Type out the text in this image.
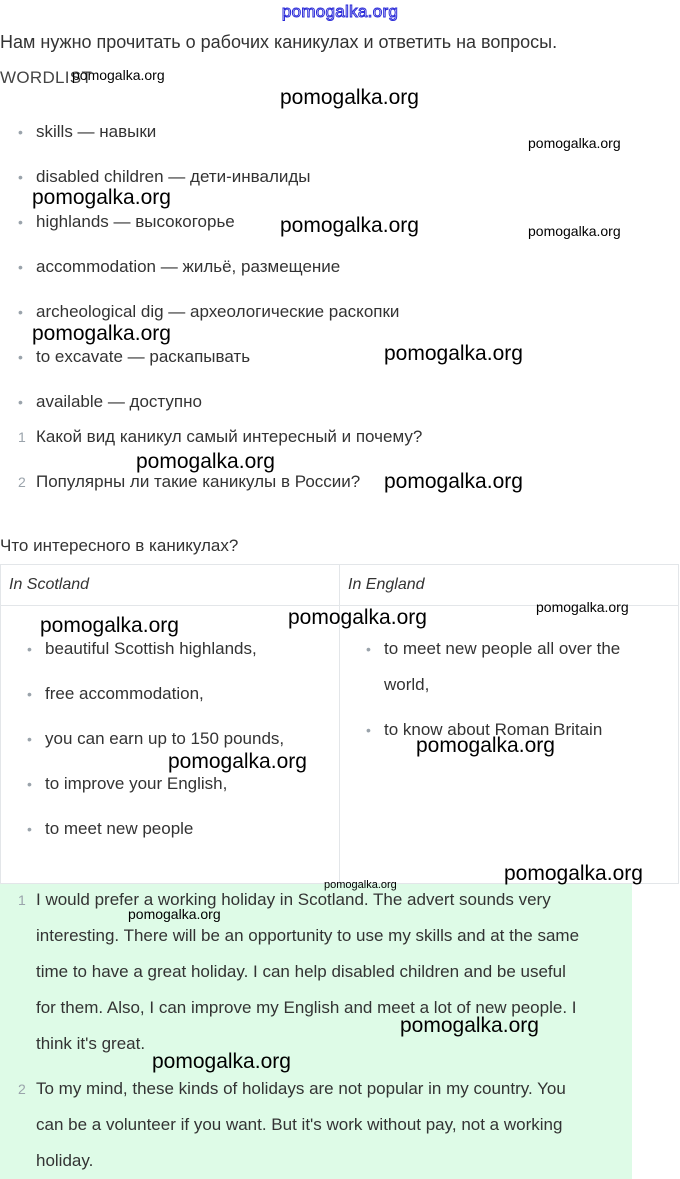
pomogalka.org
Нам нужно прочитать о рабочих каникулах и ответить на вопросы.
WORDLIST
• skills — навыки
• disabled children — дети-инвалиды
• highlands — высокогорье
• accommodation — жильё, размещение
• archeological dig — археологические раскопки
• to excavate — раскапывать
• available — доступно
1 Какой вид каникул самый интересный и почему?
2 Популярны ли такие каникулы в России?
Что интересного в каникулах?
In Scotland	In England
• beautiful Scottish highlands,
• free accommodation,
• you can earn up to 150 pounds,
• to improve your English,
• to meet new people
• to meet new people all over the
world,
• to know about Roman Britain
1 I would prefer a working holiday in Scotland. The advert sounds very
interesting. There will be an opportunity to use my skills and at the same
time to have a great holiday. I can help disabled children and be useful
for them. Also, I can improve my English and meet a lot of new people. I
think it's great.
2 To my mind, these kinds of holidays are not popular in my country. You
can be a volunteer if you want. But it's work without pay, not a working
holiday.
pomogalka.org
pomogalka.org
pomogalka.org
pomogalka.org
pomogalka.org	pomogalka.org
pomogalka.org
pomogalka.org
pomogalka.org
pomogalka.org
pomogalka.org
pomogalka.org
pomogalka.org
pomogalka.org
pomogalka.org
pomogalka.org
pomogalka.org
pomogalka.org
pomogalka.org
pomogalka.org
